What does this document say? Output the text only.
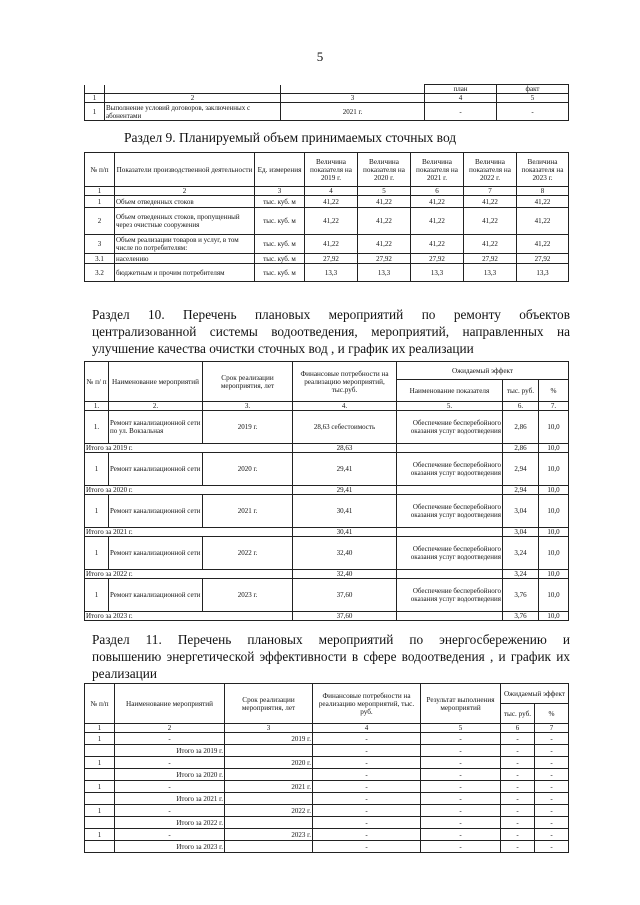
5
			план	факт
1	2	3	4	5
1	Выполнение условий договоров, заключенных с абонентами	2021 г.	-	-
Раздел 9. Планируемый объем принимаемых сточных вод
№ п/п	Показатели производственной деятельности	Ед. измерения	Величина показателя на 2019 г.	Величина показателя на 2020 г.	Величина показателя на 2021 г.	Величина показателя на 2022 г.	Величина показателя на 2023 г.
1	2	3	4	5	6	7	8
1	Объем отведенных стоков	тыс. куб. м	41,22	41,22	41,22	41,22	41,22
2	Объем отведенных стоков, пропущенный через очистные сооружения	тыс. куб. м	41,22	41,22	41,22	41,22	41,22
3	Объем реализации товаров и услуг, в том числе по потребителям:	тыс. куб. м	41,22	41,22	41,22	41,22	41,22
3.1	населению	тыс. куб. м	27,92	27,92	27,92	27,92	27,92
3.2	бюджетным и прочим потребителям	тыс. куб. м	13,3	13,3	13,3	13,3	13,3
Раздел 10. Перечень плановых мероприятий по ремонту объектов
централизованной системы водоотведения, мероприятий, направленных на
улучшение качества очистки сточных вод , и график их реализации
№ п/ п	Наименование мероприятий	Срок реализации мероприятия, лет	Финансовые потребности на реализацию мероприятий, тыс.руб.	Ожидаемый эффект		
				Наименование показателя	тыс. руб.	%
1.	2.	3.	4.	5.	6.	7.
1.	Ремонт канализационной сети по ул. Вокзальная	2019 г.	28,63 себестоимость	Обеспечение бесперебойного оказания услуг водоотведения	2,86	10,0
Итого за 2019 г.			28,63		2,86	10,0
1	Ремонт канализационной сети	2020 г.	29,41	Обеспечение бесперебойного оказания услуг водоотведения	2,94	10,0
Итого за 2020 г.			29,41		2,94	10,0
1	Ремонт канализационной сети	2021 г.	30,41	Обеспечение бесперебойного оказания услуг водоотведения	3,04	10,0
Итого за 2021 г.			30,41		3,04	10,0
1	Ремонт канализационной сети	2022 г.	32,40	Обеспечение бесперебойного оказания услуг водоотведения	3,24	10,0
Итого за 2022 г.			32,40		3,24	10,0
1	Ремонт канализационной сети	2023 г.	37,60	Обеспечение бесперебойного оказания услуг водоотведения	3,76	10,0
Итого за 2023 г.			37,60		3,76	10,0
Раздел 11. Перечень плановых мероприятий по энергосбережению и
повышению энергетической эффективности в сфере водоотведения , и график их
реализации
№ п/п	Наименование мероприятий	Срок реализации мероприятия, лет	Финансовые потребности на реализацию мероприятий, тыс. руб.	Результат выполнения мероприятий	Ожидаемый эффект	
					тыс. руб.	%
1	2	3	4	5	6	7
1	-	2019 г.	-	-	-	-
	Итого за 2019 г.		-	-	-	-
1	-	2020 г.	-	-	-	-
	Итого за 2020 г.		-	-	-	-
1	-	2021 г.	-	-	-	-
	Итого за 2021 г.		-	-	-	-
1	-	2022 г.	-	-	-	-
	Итого за 2022 г.		-	-	-	-
1	-	2023 г.	-	-	-	-
	Итого за 2023 г.		-	-	-	-
